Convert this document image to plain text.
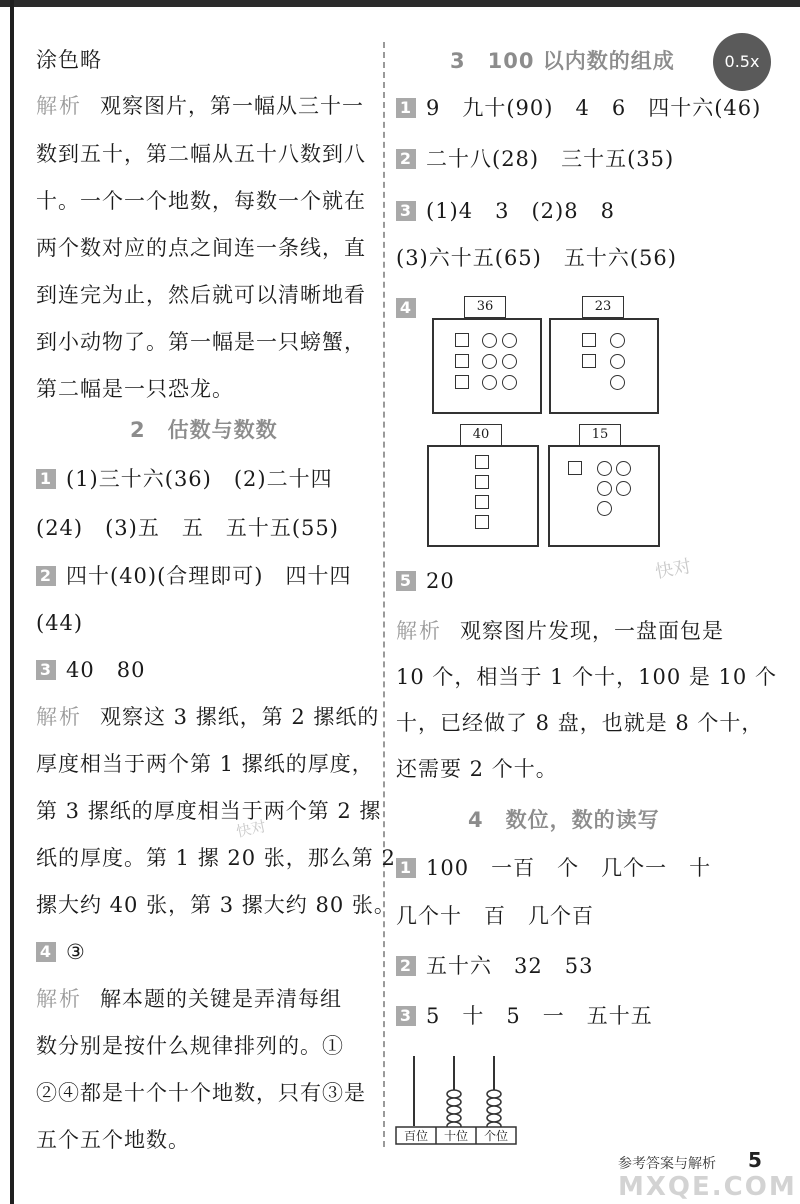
0.5x
涂色略
解析 观察图片，第一幅从三十一
数到五十，第二幅从五十八数到八
十。一个一个地数，每数一个就在
两个数对应的点之间连一条线，直
到连完为止，然后就可以清晰地看
到小动物了。第一幅是一只螃蟹，
第二幅是一只恐龙。
2 估数与数数
1 (1)三十六(36)　(2)二十四
(24)　(3)五　五　五十五(55)
2 四十(40)(合理即可)　四十四
(44)
3 40　80
解析 观察这 3 摞纸，第 2 摞纸的
厚度相当于两个第 1 摞纸的厚度，
第 3 摞纸的厚度相当于两个第 2 摞
纸的厚度。第 1 摞 20 张，那么第 2
摞大约 40 张，第 3 摞大约 80 张。
4 ③
解析 解本题的关键是弄清每组
数分别是按什么规律排列的。①
②④都是十个十个地数，只有③是
五个五个地数。
3 100 以内数的组成
1 9　九十(90)　4　6　四十六(46)
2 二十八(28)　三十五(35)
3 (1)4　3　(2)8　8
(3)六十五(65)　五十六(56)
4	36	23
40	15
5 20
解析 观察图片发现，一盘面包是
10 个，相当于 1 个十，100 是 10 个
十，已经做了 8 盘，也就是 8 个十，
还需要 2 个十。
4 数位，数的读写
1 100　一百　个　几个一　十
几个十　百　几个百
2 五十六　32　53
3 5　十　5　一　五十五
百位	十位	个位
快对
快对
MXQE.COM
参考答案与解析 5
